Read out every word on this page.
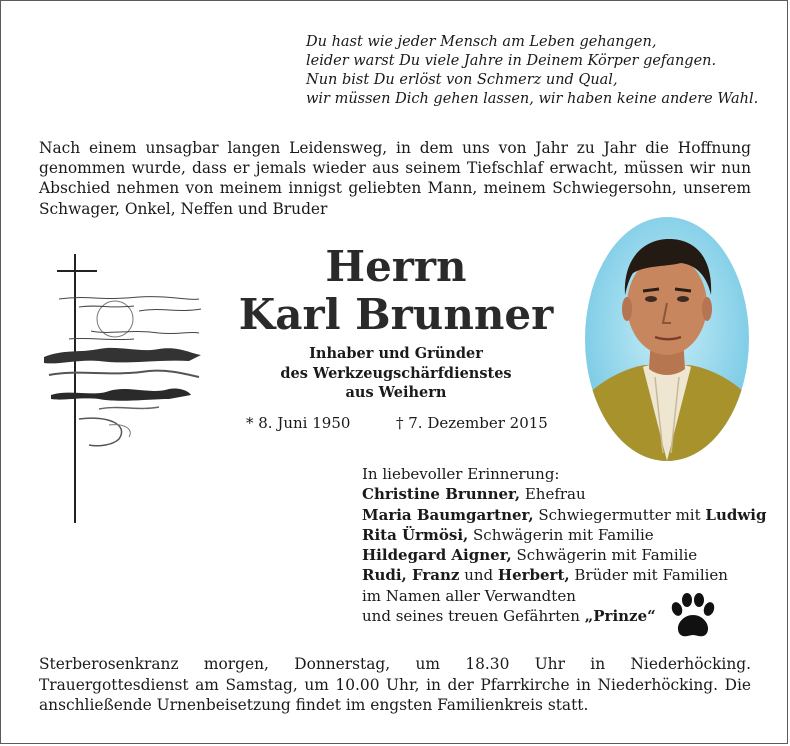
Du hast wie jeder Mensch am Leben gehangen,
leider warst Du viele Jahre in Deinem Körper gefangen.
Nun bist Du erlöst von Schmerz und Qual,
wir müssen Dich gehen lassen, wir haben keine andere Wahl.
Nach einem unsagbar langen Leidensweg, in dem uns von Jahr zu Jahr die Hoffnung genommen wurde, dass er jemals wieder aus seinem Tiefschlaf erwacht, müssen wir nun Abschied nehmen von meinem innigst geliebten Mann, meinem Schwiegersohn, unserem Schwager, Onkel, Neffen und Bruder
Herrn
Karl Brunner
Inhaber und Gründer
des Werkzeugschärfdienstes
aus Weihern
* 8. Juni 1950	† 7. Dezember 2015
In liebevoller Erinnerung:
Christine Brunner, Ehefrau
Maria Baumgartner, Schwiegermutter mit Ludwig
Rita Ürmösi, Schwägerin mit Familie
Hildegard Aigner, Schwägerin mit Familie
Rudi, Franz und Herbert, Brüder mit Familien
im Namen aller Verwandten
und seines treuen Gefährten „Prinze“
Sterberosenkranz morgen, Donnerstag, um 18.30 Uhr in Niederhöcking. Trauergottesdienst am Samstag, um 10.00 Uhr, in der Pfarrkirche in Niederhöcking. Die anschließende Urnenbeisetzung findet im engsten Familienkreis statt.
